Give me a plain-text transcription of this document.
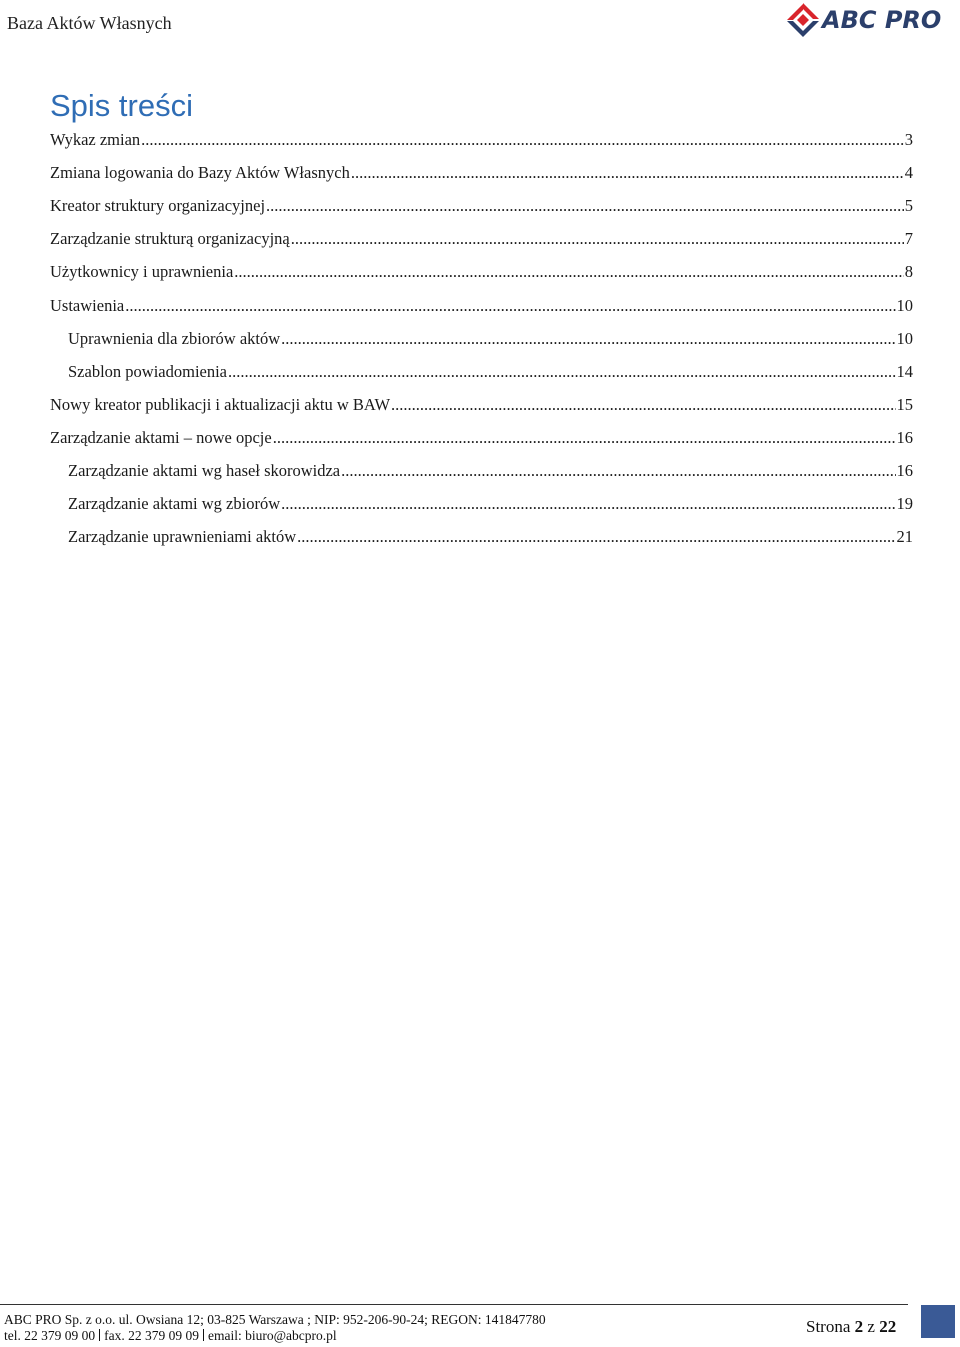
Baza Aktów Własnych	ABC PRO
Spis treści
Wykaz zmian .....	3
Zmiana logowania do Bazy Aktów Własnych .....	4
Kreator struktury organizacyjnej .....	5
Zarządzanie strukturą organizacyjną .....	7
Użytkownicy i uprawnienia .....	8
Ustawienia .....	10
Uprawnienia dla zbiorów aktów .....	10
Szablon powiadomienia .....	14
Nowy kreator publikacji i aktualizacji aktu w BAW .....	15
Zarządzanie aktami – nowe opcje .....	16
Zarządzanie aktami wg haseł skorowidza .....	16
Zarządzanie aktami wg zbiorów .....	19
Zarządzanie uprawnieniami aktów .....	21
ABC PRO Sp. z o.o. ul. Owsiana 12; 03-825 Warszawa ; NIP: 952-206-90-24; REGON: 141847780
tel. 22 379 09 00 fax. 22 379 09 09 email: biuro@abcpro.pl	Strona 2 z 22
